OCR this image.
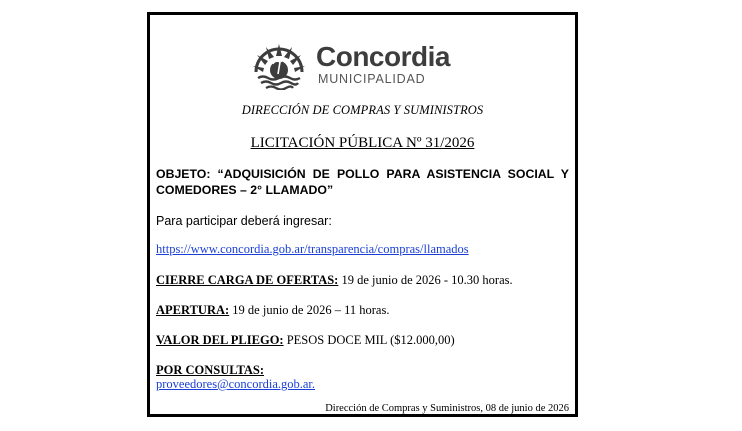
Concordia
MUNICIPALIDAD
DIRECCIÓN DE COMPRAS Y SUMINISTROS
LICITACIÓN PÚBLICA Nº 31/2026
OBJETO: “ADQUISICIÓN DE POLLO PARA ASISTENCIA SOCIAL Y COMEDORES – 2° LLAMADO”
Para participar deberá ingresar:
https://www.concordia.gob.ar/transparencia/compras/llamados
CIERRE CARGA DE OFERTAS: 19 de junio de 2026 - 10.30 horas.
APERTURA: 19 de junio de 2026 – 11 horas.
VALOR DEL PLIEGO: PESOS DOCE MIL ($12.000,00)
POR CONSULTAS:
proveedores@concordia.gob.ar.
Dirección de Compras y Suministros, 08 de junio de 2026
